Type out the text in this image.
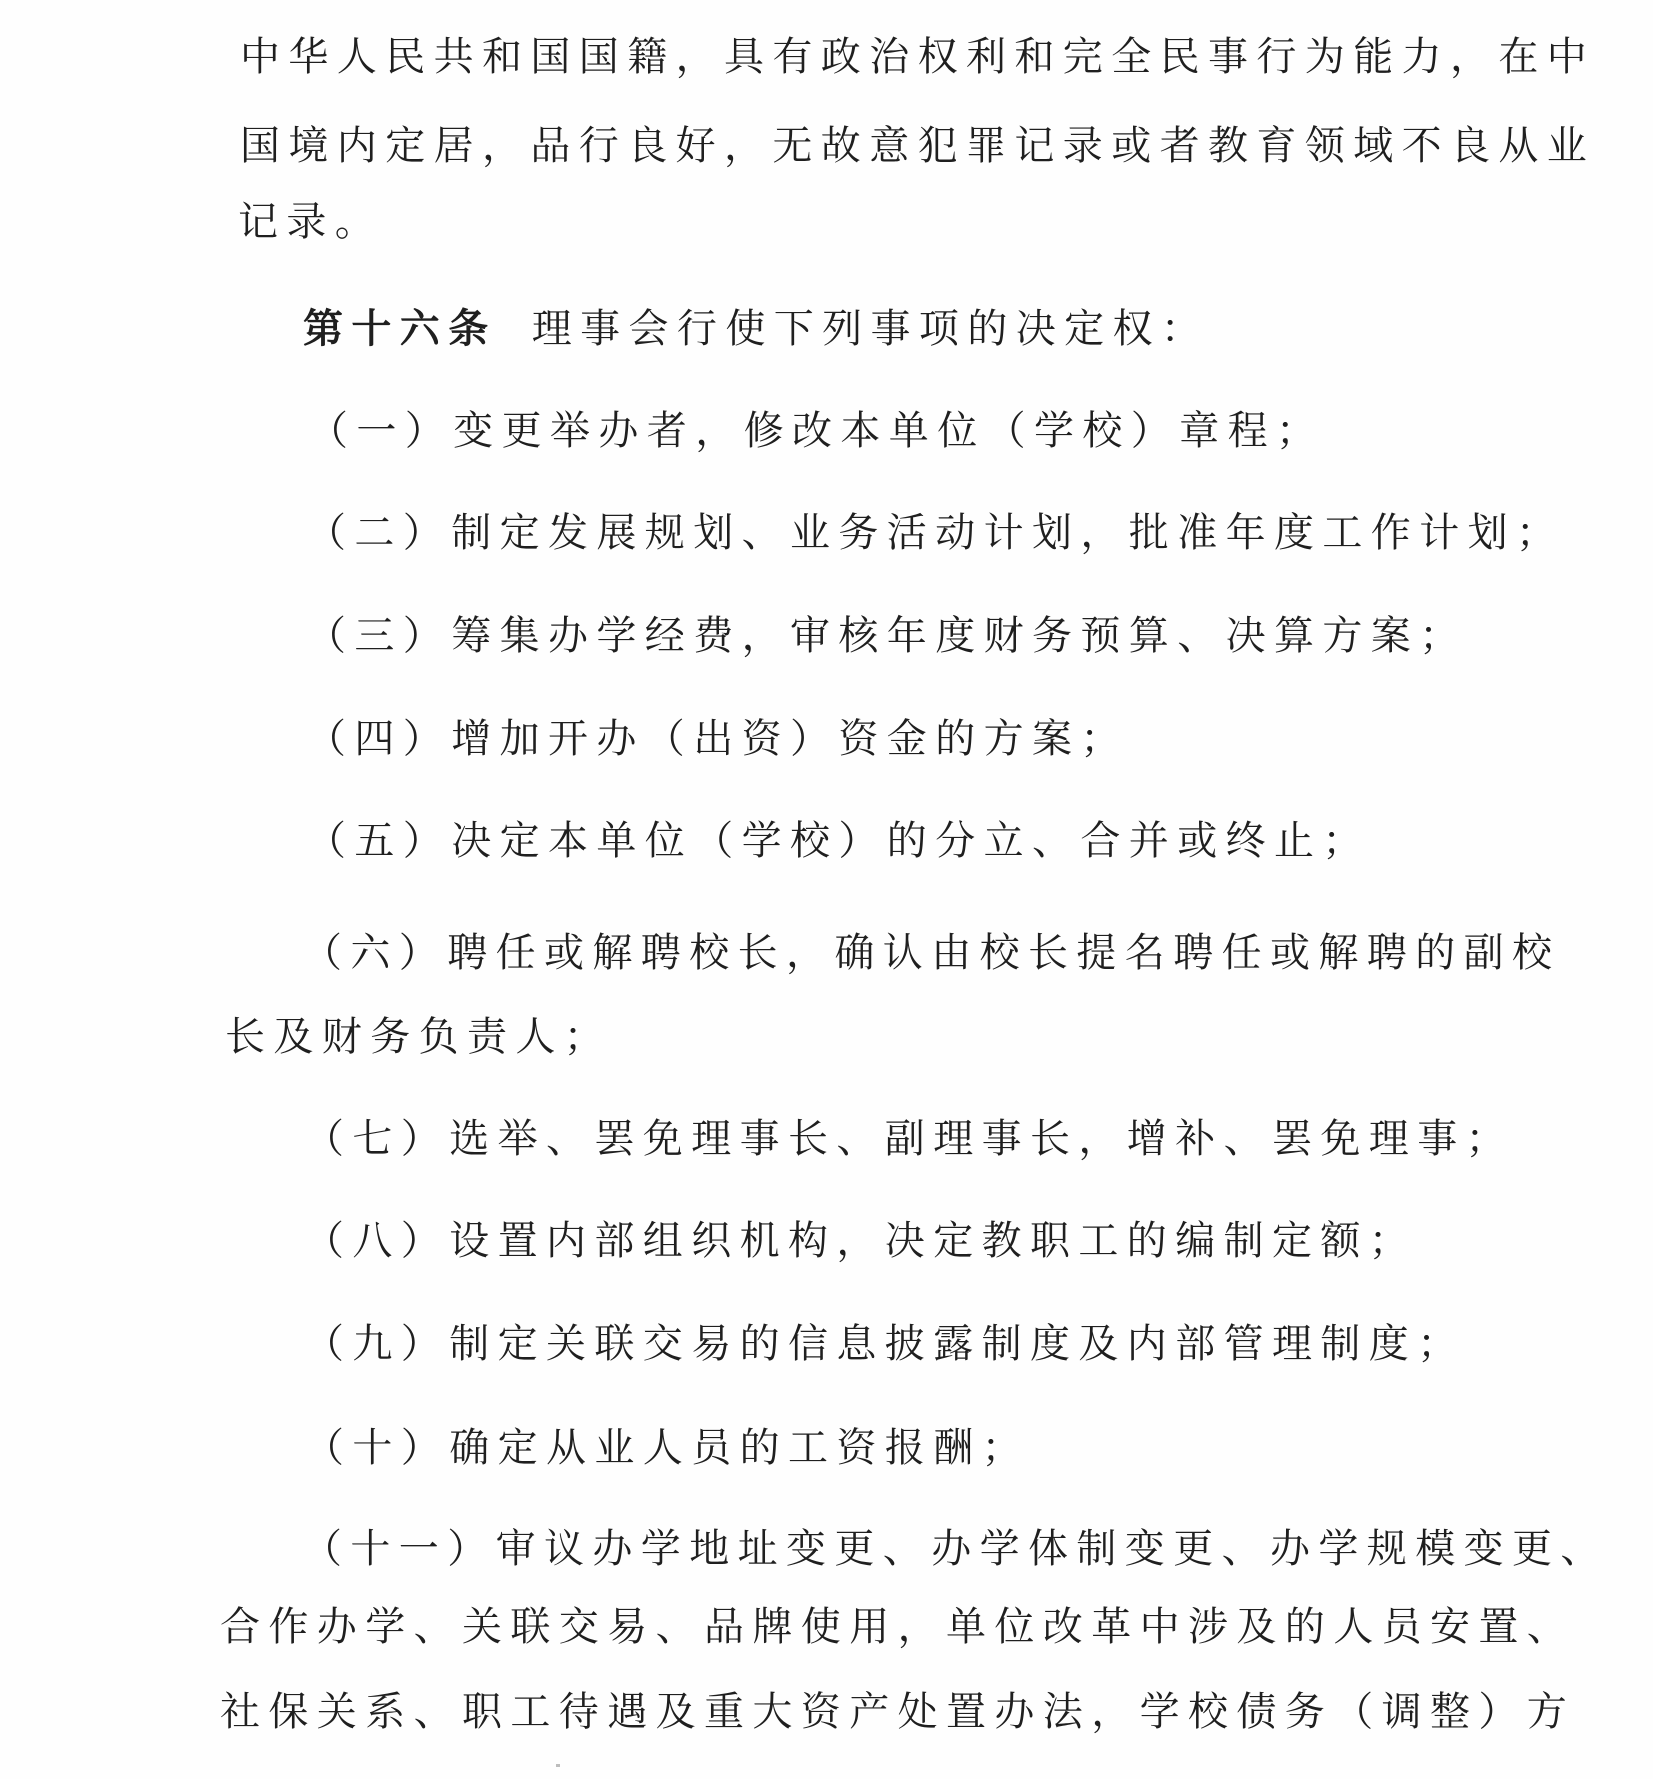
中华人民共和国国籍，具有政治权利和完全民事行为能力，在中
国境内定居，品行良好，无故意犯罪记录或者教育领域不良从业
记录。
第十六条 理事会行使下列事项的决定权：
（一）变更举办者，修改本单位（学校）章程；
（二）制定发展规划、业务活动计划，批准年度工作计划；
（三）筹集办学经费，审核年度财务预算、决算方案；
（四）增加开办（出资）资金的方案；
（五）决定本单位（学校）的分立、合并或终止；
（六）聘任或解聘校长，确认由校长提名聘任或解聘的副校
长及财务负责人；
（七）选举、罢免理事长、副理事长，增补、罢免理事；
（八）设置内部组织机构，决定教职工的编制定额；
（九）制定关联交易的信息披露制度及内部管理制度；
（十）确定从业人员的工资报酬；
（十一）审议办学地址变更、办学体制变更、办学规模变更、
合作办学、关联交易、品牌使用，单位改革中涉及的人员安置、
社保关系、职工待遇及重大资产处置办法，学校债务（调整）方
